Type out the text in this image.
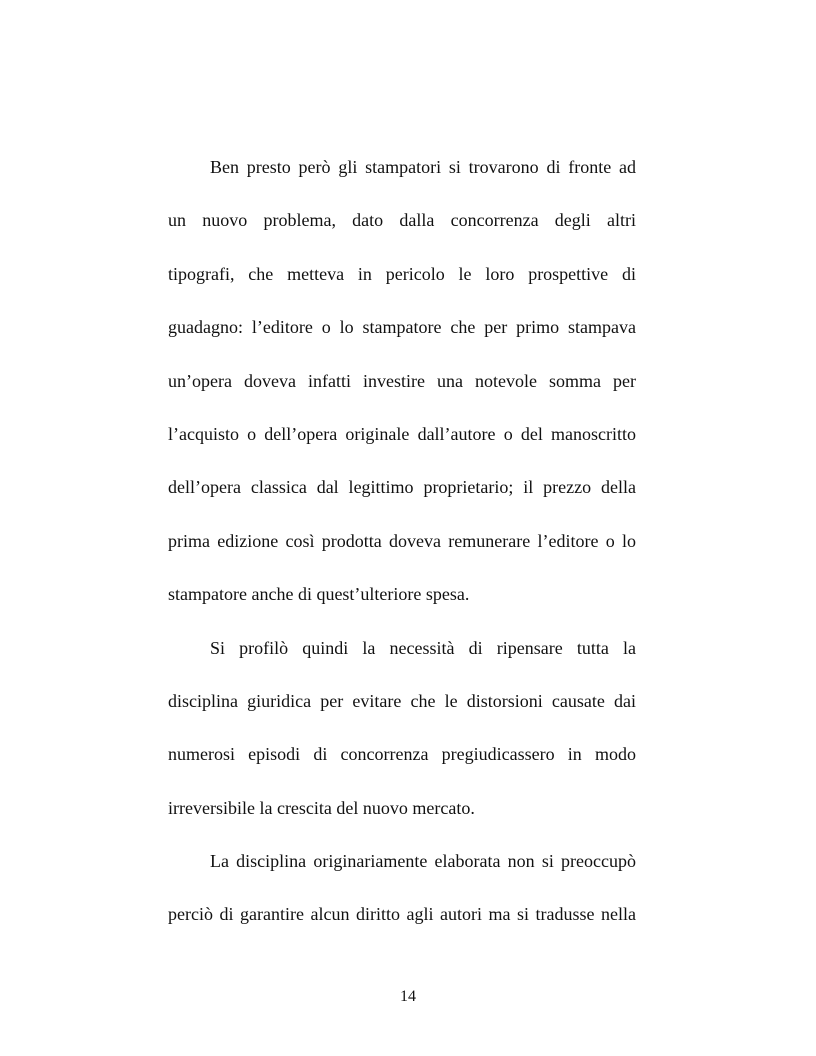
Ben presto però gli stampatori si trovarono di fronte ad
un nuovo problema, dato dalla concorrenza degli altri
tipografi, che metteva in pericolo le loro prospettive di
guadagno: l’editore o lo stampatore che per primo stampava
un’opera doveva infatti investire una notevole somma per
l’acquisto o dell’opera originale dall’autore o del manoscritto
dell’opera classica dal legittimo proprietario; il prezzo della
prima edizione così prodotta doveva remunerare l’editore o lo
stampatore anche di quest’ulteriore spesa.
Si profilò quindi la necessità di ripensare tutta la
disciplina giuridica per evitare che le distorsioni causate dai
numerosi episodi di concorrenza pregiudicassero in modo
irreversibile la crescita del nuovo mercato.
La disciplina originariamente elaborata non si preoccupò
perciò di garantire alcun diritto agli autori ma si tradusse nella
14
